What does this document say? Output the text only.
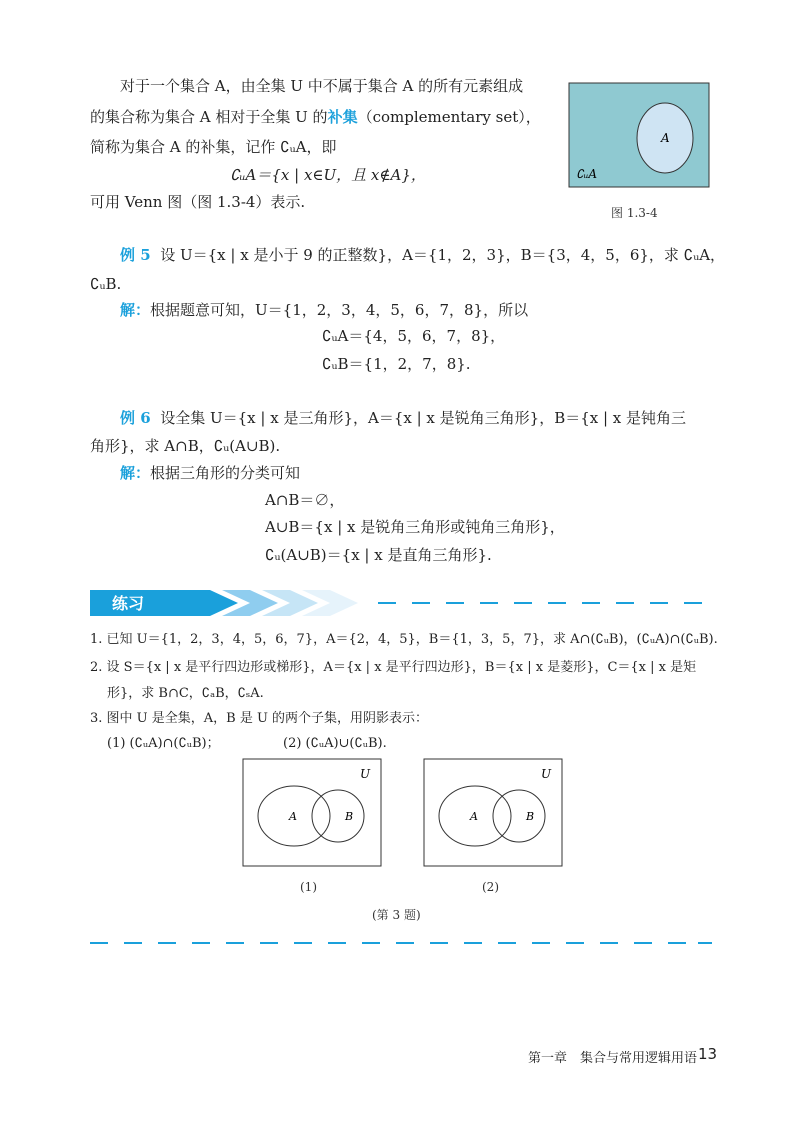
对于一个集合 A，由全集 U 中不属于集合 A 的所有元素组成
的集合称为集合 A 相对于全集 U 的补集（complementary set），
简称为集合 A 的补集，记作 ∁ᵤA，即
∁ᵤA＝{x | x∈U，且 x∉A}，
可用 Venn 图（图 1.3-4）表示.
A
∁ᵤA
图 1.3-4
例 5 设 U＝{x | x 是小于 9 的正整数}，A＝{1，2，3}，B＝{3，4，5，6}，求 ∁ᵤA，
∁ᵤB.
解：根据题意可知，U＝{1，2，3，4，5，6，7，8}，所以
∁ᵤA＝{4，5，6，7，8}，
∁ᵤB＝{1，2，7，8}.
例 6 设全集 U＝{x | x 是三角形}，A＝{x | x 是锐角三角形}，B＝{x | x 是钝角三
角形}，求 A∩B，∁ᵤ(A∪B).
解：根据三角形的分类可知
A∩B＝∅，
A∪B＝{x | x 是锐角三角形或钝角三角形}，
∁ᵤ(A∪B)＝{x | x 是直角三角形}.
练习
1. 已知 U＝{1，2，3，4，5，6，7}，A＝{2，4，5}，B＝{1，3，5，7}，求 A∩(∁ᵤB)，(∁ᵤA)∩(∁ᵤB).
2. 设 S＝{x | x 是平行四边形或梯形}，A＝{x | x 是平行四边形}，B＝{x | x 是菱形}，C＝{x | x 是矩
形}，求 B∩C，∁ₐB，∁ₛA.
3. 图中 U 是全集，A，B 是 U 的两个子集，用阴影表示：
(1) (∁ᵤA)∩(∁ᵤB)；	(2) (∁ᵤA)∪(∁ᵤB).
U
A	B
(1)
U
A	B
(2)
(第 3 题)
第一章　集合与常用逻辑用语 13
